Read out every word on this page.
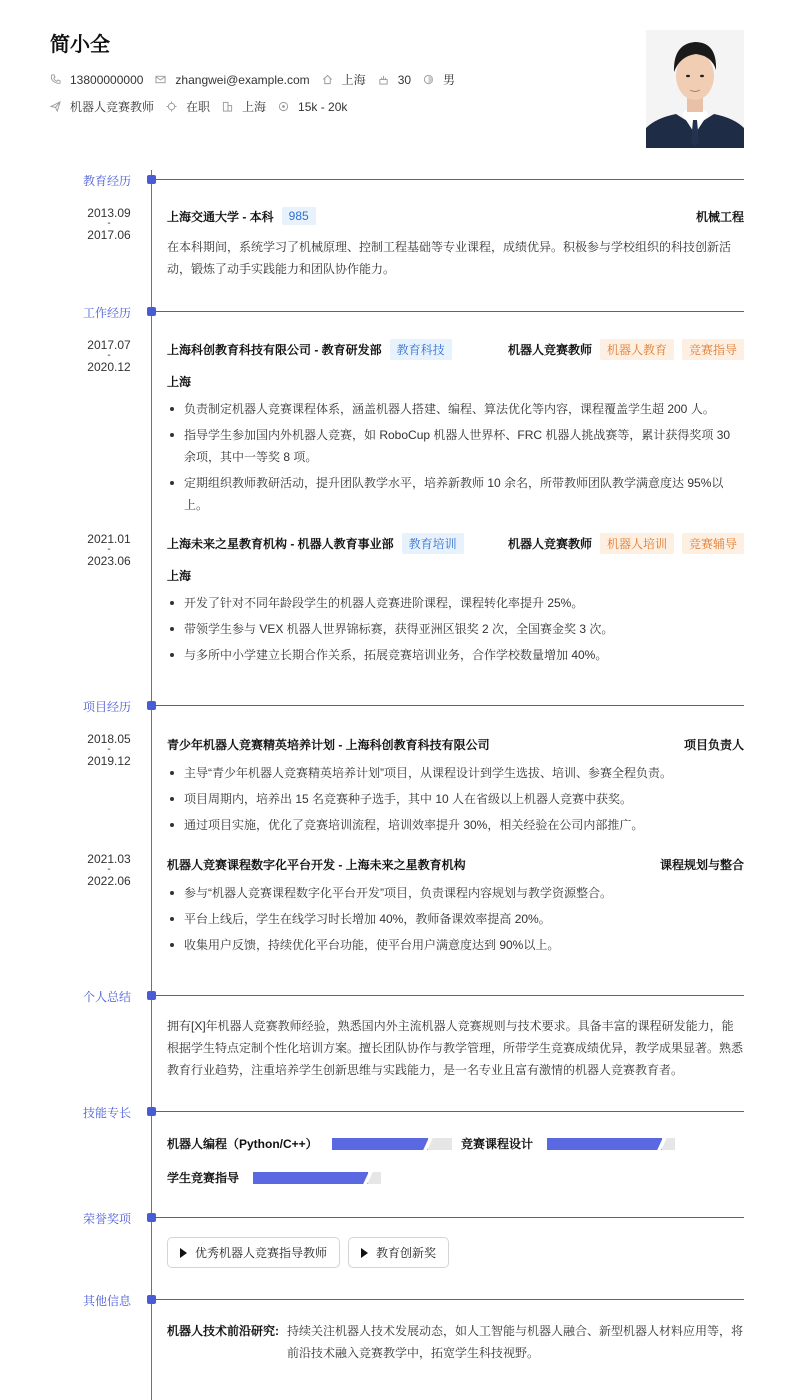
简小全
13800000000	zhangwei@example.com	上海	30	男
机器人竞赛教师	在职	上海	15k - 20k
教育经历
2013.09
-
2017.06
上海交通大学 - 本科	985	机械工程
在本科期间，系统学习了机械原理、控制工程基础等专业课程，成绩优异。积极参与学校组织的科技创新活动，锻炼了动手实践能力和团队协作能力。
工作经历
2017.07
-
2020.12
上海科创教育科技有限公司 - 教育研发部	教育科技	机器人竞赛教师	机器人教育	竞赛指导
上海
负责制定机器人竞赛课程体系，涵盖机器人搭建、编程、算法优化等内容，课程覆盖学生超 200 人。
指导学生参加国内外机器人竞赛，如 RoboCup 机器人世界杯、FRC 机器人挑战赛等，累计获得奖项 30 余项，其中一等奖 8 项。
定期组织教师教研活动，提升团队教学水平，培养新教师 10 余名，所带教师团队教学满意度达 95%以上。
2021.01
-
2023.06
上海未来之星教育机构 - 机器人教育事业部	教育培训	机器人竞赛教师	机器人培训	竞赛辅导
上海
开发了针对不同年龄段学生的机器人竞赛进阶课程，课程转化率提升 25%。
带领学生参与 VEX 机器人世界锦标赛，获得亚洲区银奖 2 次，全国赛金奖 3 次。
与多所中小学建立长期合作关系，拓展竞赛培训业务，合作学校数量增加 40%。
项目经历
2018.05
-
2019.12
青少年机器人竞赛精英培养计划 - 上海科创教育科技有限公司	项目负责人
主导“青少年机器人竞赛精英培养计划”项目，从课程设计到学生选拔、培训、参赛全程负责。
项目周期内，培养出 15 名竞赛种子选手，其中 10 人在省级以上机器人竞赛中获奖。
通过项目实施，优化了竞赛培训流程，培训效率提升 30%，相关经验在公司内部推广。
2021.03
-
2022.06
机器人竞赛课程数字化平台开发 - 上海未来之星教育机构	课程规划与整合
参与“机器人竞赛课程数字化平台开发”项目，负责课程内容规划与教学资源整合。
平台上线后，学生在线学习时长增加 40%，教师备课效率提高 20%。
收集用户反馈，持续优化平台功能，使平台用户满意度达到 90%以上。
个人总结
拥有[X]年机器人竞赛教师经验，熟悉国内外主流机器人竞赛规则与技术要求。具备丰富的课程研发能力，能根据学生特点定制个性化培训方案。擅长团队协作与教学管理，所带学生竞赛成绩优异，教学成果显著。熟悉教育行业趋势，注重培养学生创新思维与实践能力，是一名专业且富有激情的机器人竞赛教育者。
技能专长
机器人编程（Python/C++）	竞赛课程设计
学生竞赛指导
荣誉奖项
优秀机器人竞赛指导教师	教育创新奖
其他信息
机器人技术前沿研究: 持续关注机器人技术发展动态，如人工智能与机器人融合、新型机器人材料应用等，将前沿技术融入竞赛教学中，拓宽学生科技视野。
